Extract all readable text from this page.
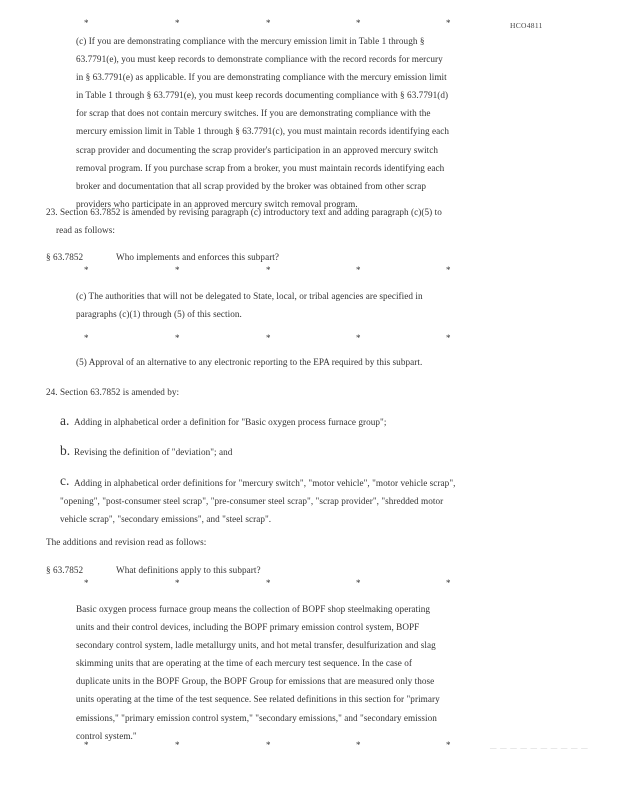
*	*	*	*	*	HCO4811
(c) If you are demonstrating compliance with the mercury emission limit in Table 1 through §
63.7791(e), you must keep records to demonstrate compliance with the record records for mercury
in § 63.7791(e) as applicable. If you are demonstrating compliance with the mercury emission limit
in Table 1 through § 63.7791(e), you must keep records documenting compliance with § 63.7791(d)
for scrap that does not contain mercury switches. If you are demonstrating compliance with the
mercury emission limit in Table 1 through § 63.7791(c), you must maintain records identifying each
scrap provider and documenting the scrap provider's participation in an approved mercury switch
removal program. If you purchase scrap from a broker, you must maintain records identifying each
broker and documentation that all scrap provided by the broker was obtained from other scrap
providers who participate in an approved mercury switch removal program.
23. Section 63.7852 is amended by revising paragraph (c) introductory text and adding paragraph (c)(5) to
read as follows:
§ 63.7852	Who implements and enforces this subpart?
*	*	*	*	*
(c) The authorities that will not be delegated to State, local, or tribal agencies are specified in
paragraphs (c)(1) through (5) of this section.
*	*	*	*	*
(5) Approval of an alternative to any electronic reporting to the EPA required by this subpart.
24. Section 63.7852 is amended by:
a. Adding in alphabetical order a definition for "Basic oxygen process furnace group";
b. Revising the definition of "deviation"; and
c. Adding in alphabetical order definitions for "mercury switch", "motor vehicle", "motor vehicle scrap",
"opening", "post-consumer steel scrap", "pre-consumer steel scrap", "scrap provider", "shredded motor
vehicle scrap", "secondary emissions", and "steel scrap".
The additions and revision read as follows:
§ 63.7852	What definitions apply to this subpart?
*	*	*	*	*
Basic oxygen process furnace group means the collection of BOPF shop steelmaking operating
units and their control devices, including the BOPF primary emission control system, BOPF
secondary control system, ladle metallurgy units, and hot metal transfer, desulfurization and slag
skimming units that are operating at the time of each mercury test sequence. In the case of
duplicate units in the BOPF Group, the BOPF Group for emissions that are measured only those
units operating at the time of the test sequence. See related definitions in this section for "primary
emissions," "primary emission control system," "secondary emissions," and "secondary emission
control system."
*	*	*	*	*	— — — — — — — — — —
